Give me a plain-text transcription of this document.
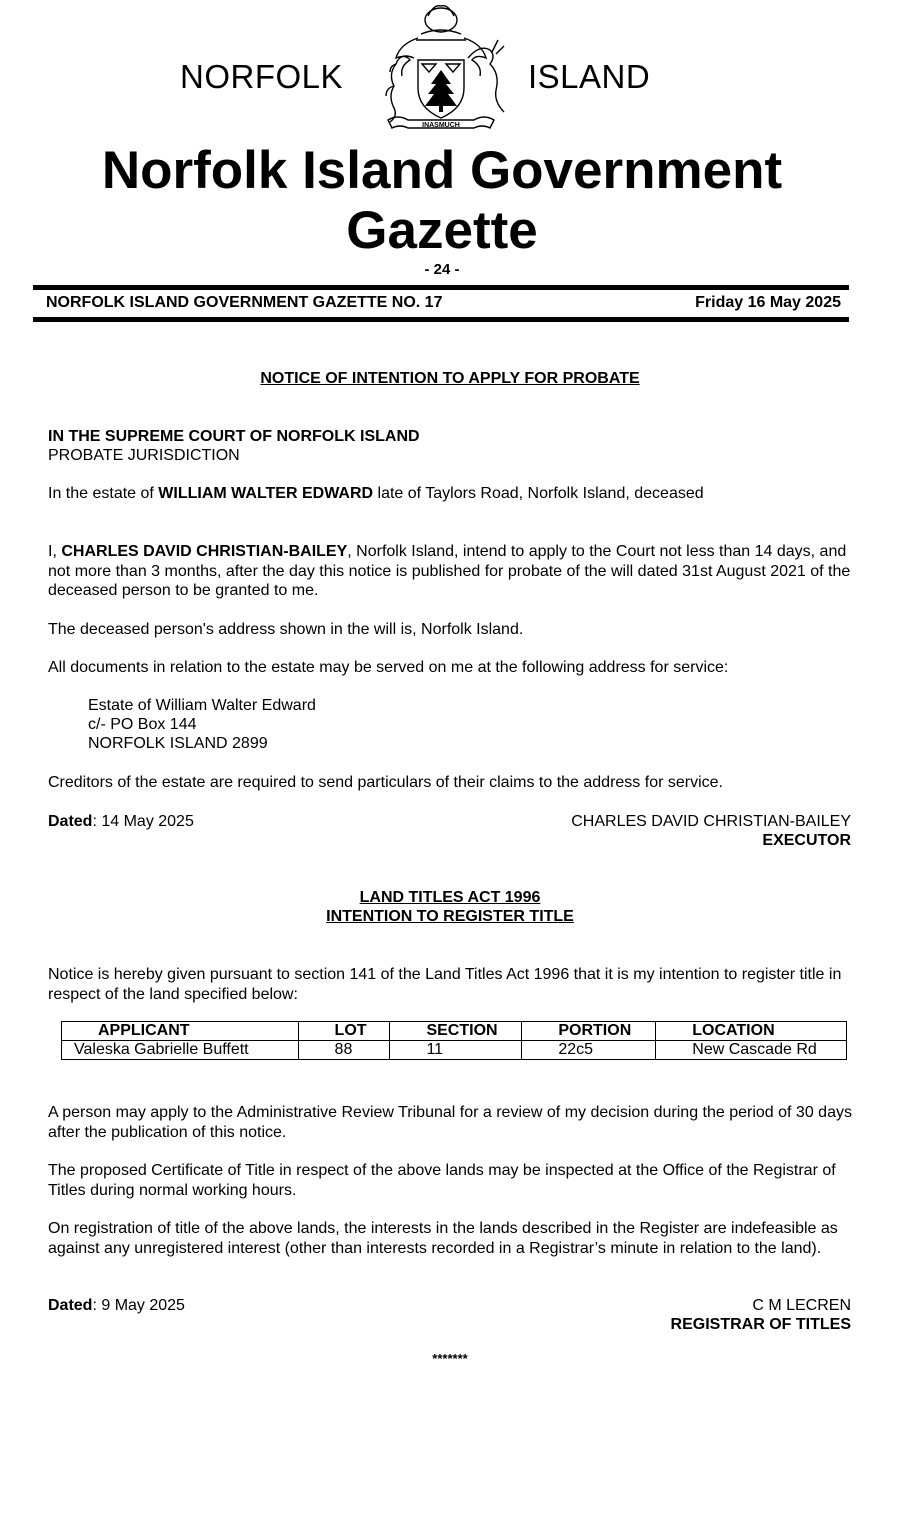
NORFOLK	ISLAND
INASMUCH
Norfolk Island Government
Gazette
- 24 -
NORFOLK ISLAND GOVERNMENT GAZETTE NO. 17	Friday 16 May 2025
NOTICE OF INTENTION TO APPLY FOR PROBATE
IN THE SUPREME COURT OF NORFOLK ISLAND
PROBATE JURISDICTION
In the estate of WILLIAM WALTER EDWARD late of Taylors Road, Norfolk Island, deceased
I, CHARLES DAVID CHRISTIAN-BAILEY, Norfolk Island, intend to apply to the Court not less than 14 days, and not more than 3 months, after the day this notice is published for probate of the will dated 31st August 2021 of the deceased person to be granted to me.
The deceased person's address shown in the will is, Norfolk Island.
All documents in relation to the estate may be served on me at the following address for service:
Estate of William Walter Edward
c/- PO Box 144
NORFOLK ISLAND 2899
Creditors of the estate are required to send particulars of their claims to the address for service.
Dated: 14 May 2025	CHARLES DAVID CHRISTIAN-BAILEY
EXECUTOR
LAND TITLES ACT 1996
INTENTION TO REGISTER TITLE
Notice is hereby given pursuant to section 141 of the Land Titles Act 1996 that it is my intention to register title in respect of the land specified below:
APPLICANT	LOT	SECTION	PORTION	LOCATION
Valeska Gabrielle Buffett	88	11	22c5	New Cascade Rd
A person may apply to the Administrative Review Tribunal for a review of my decision during the period of 30 days after the publication of this notice.
The proposed Certificate of Title in respect of the above lands may be inspected at the Office of the Registrar of Titles during normal working hours.
On registration of title of the above lands, the interests in the lands described in the Register are indefeasible as against any unregistered interest (other than interests recorded in a Registrar’s minute in relation to the land).
Dated: 9 May 2025	C M LECREN
REGISTRAR OF TITLES
*******
